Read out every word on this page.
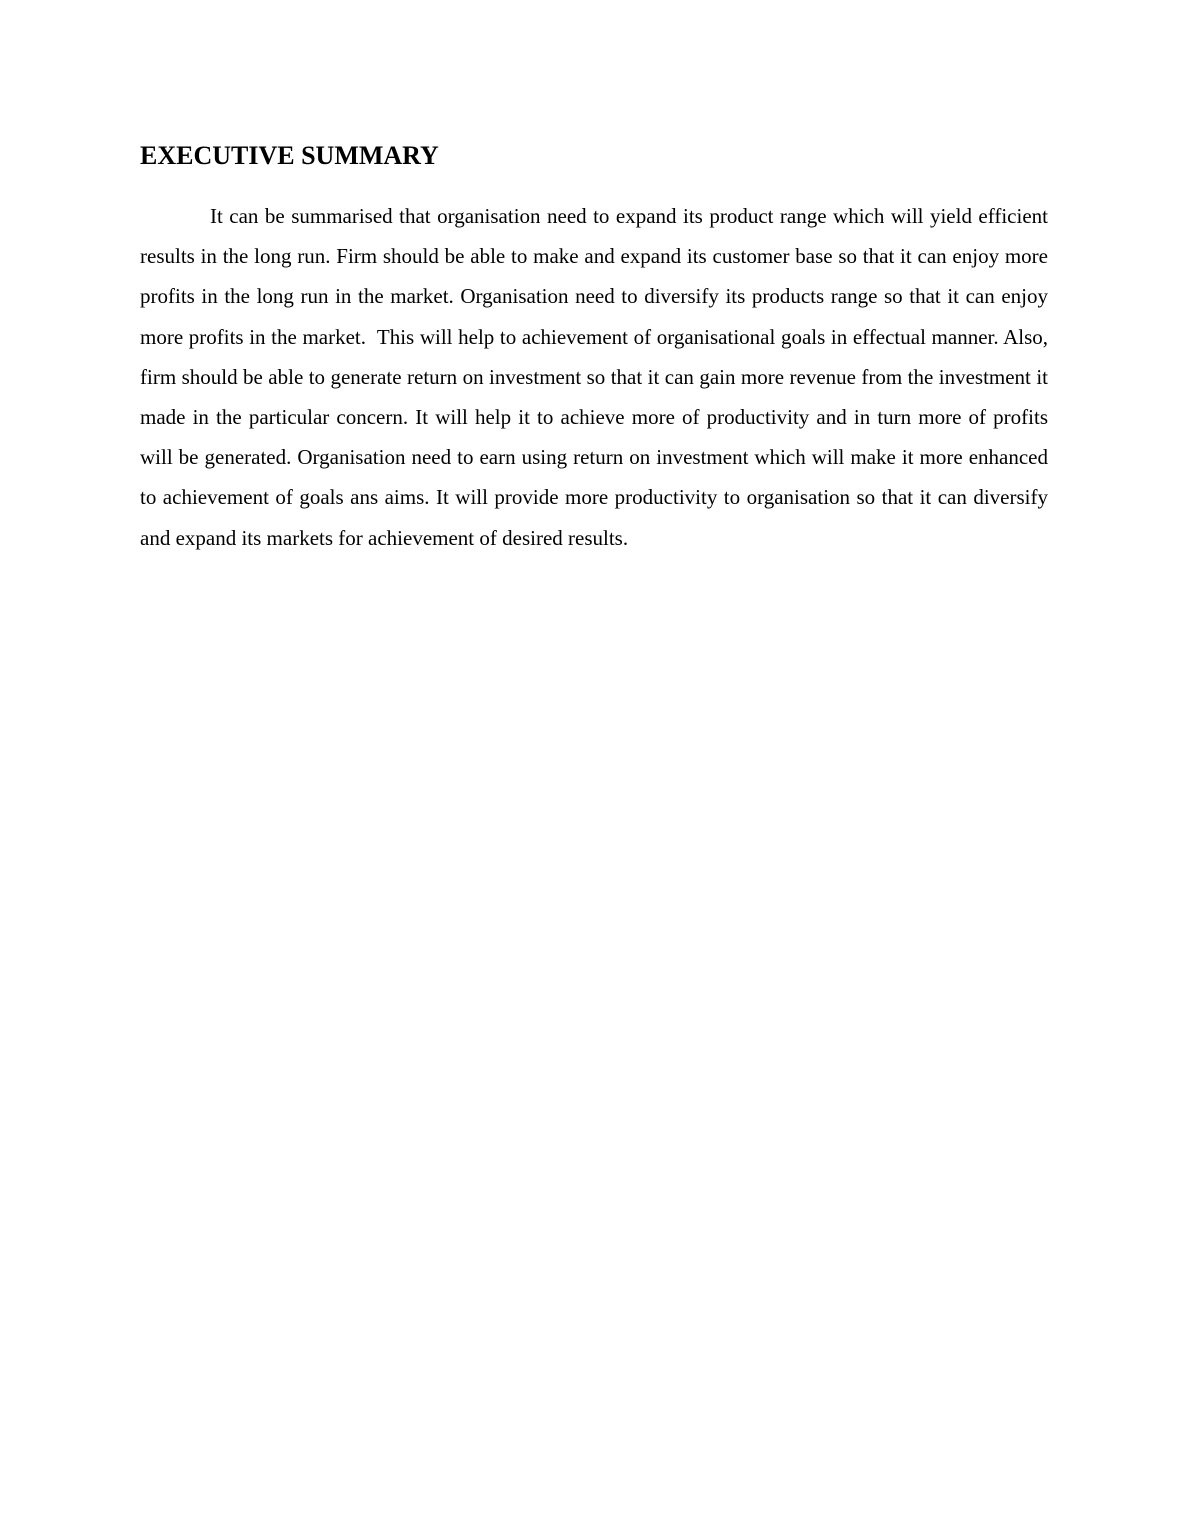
EXECUTIVE SUMMARY

It can be summarised that organisation need to expand its product range which will yield efficient results in the long run. Firm should be able to make and expand its customer base so that it can enjoy more profits in the long run in the market. Organisation need to diversify its products range so that it can enjoy more profits in the market.  This will help to achievement of organisational goals in effectual manner. Also, firm should be able to generate return on investment so that it can gain more revenue from the investment it made in the particular concern. It will help it to achieve more of productivity and in turn more of profits will be generated. Organisation need to earn using return on investment which will make it more enhanced to achievement of goals ans aims. It will provide more productivity to organisation so that it can diversify and expand its markets for achievement of desired results.
